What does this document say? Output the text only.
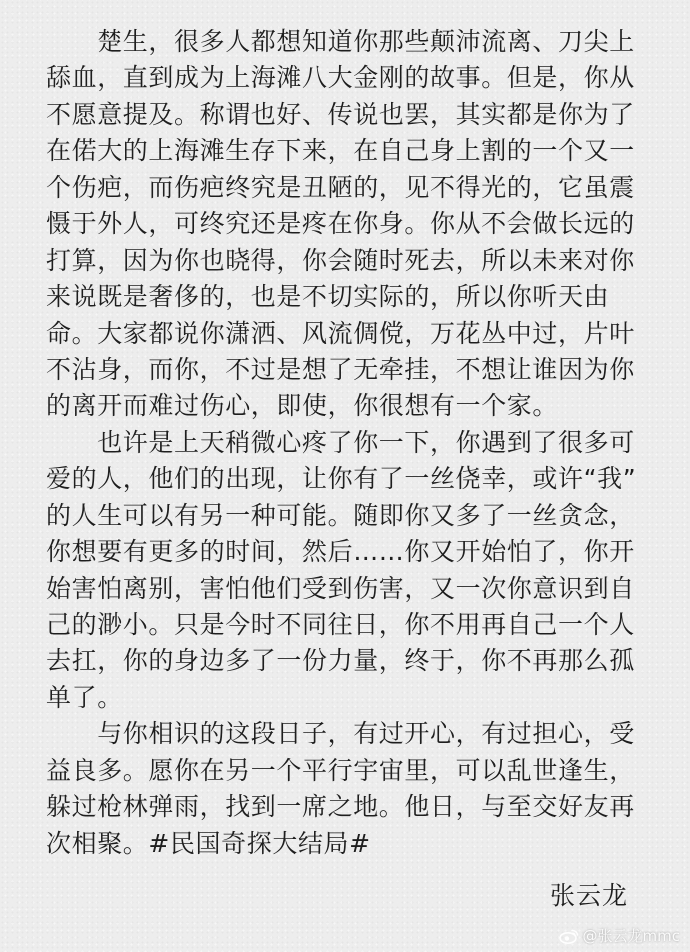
　　楚生，很多人都想知道你那些颠沛流离、刀尖上
舔血，直到成为上海滩八大金刚的故事。但是，你从
不愿意提及。称谓也好、传说也罢，其实都是你为了
在偌大的上海滩生存下来，在自己身上割的一个又一
个伤疤，而伤疤终究是丑陋的，见不得光的，它虽震
慑于外人，可终究还是疼在你身。你从不会做长远的
打算，因为你也晓得，你会随时死去，所以未来对你
来说既是奢侈的，也是不切实际的，所以你听天由
命。大家都说你潇洒、风流倜傥，万花丛中过，片叶
不沾身，而你，不过是想了无牵挂，不想让谁因为你
的离开而难过伤心，即使，你很想有一个家。
　　也许是上天稍微心疼了你一下，你遇到了很多可
爱的人，他们的出现，让你有了一丝侥幸，或许“我”
的人生可以有另一种可能。随即你又多了一丝贪念，
你想要有更多的时间，然后……你又开始怕了，你开
始害怕离别，害怕他们受到伤害，又一次你意识到自
己的渺小。只是今时不同往日，你不用再自己一个人
去扛，你的身边多了一份力量，终于，你不再那么孤
单了。
　　与你相识的这段日子，有过开心，有过担心，受
益良多。愿你在另一个平行宇宙里，可以乱世逢生，
躲过枪林弹雨，找到一席之地。他日，与至交好友再
次相聚。#民国奇探大结局#
张云龙
@张云龙mmc
